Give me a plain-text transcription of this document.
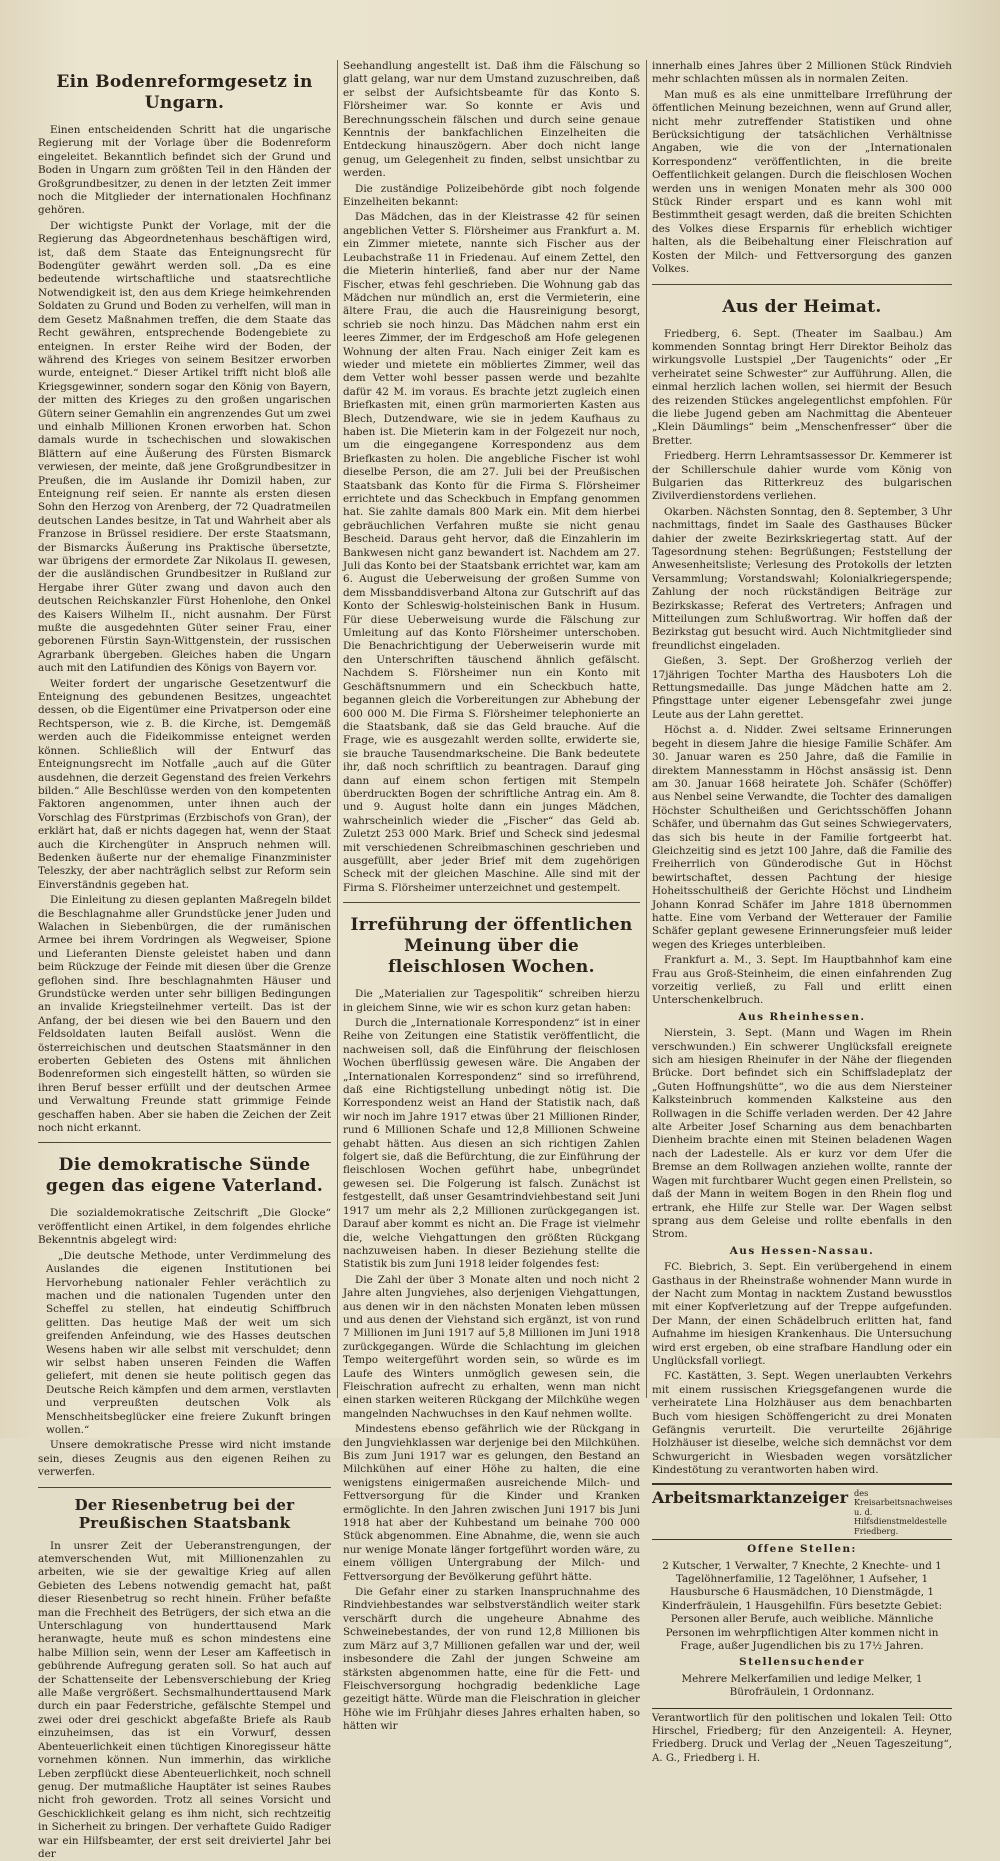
Ein Bodenreformgesetz in Ungarn.

Einen entscheidenden Schritt hat die ungarische Regierung mit der Vorlage über die Bodenreform eingeleitet. Bekanntlich befindet sich der Grund und Boden in Ungarn zum größten Teil in den Händen der Großgrundbesitzer, zu denen in der letzten Zeit immer noch die Mitglieder der internationalen Hochfinanz gehören.

Der wichtigste Punkt der Vorlage, mit der die Regierung das Abgeordnetenhaus beschäftigen wird, ist, daß dem Staate das Enteignungsrecht für Bodengüter gewährt werden soll. „Da es eine bedeutende wirtschaftliche und staatsrechtliche Notwendigkeit ist, den aus dem Kriege heimkehrenden Soldaten zu Grund und Boden zu verhelfen, will man in dem Gesetz Maßnahmen treffen, die dem Staate das Recht gewähren, entsprechende Bodengebiete zu enteignen. In erster Reihe wird der Boden, der während des Krieges von seinem Besitzer erworben wurde, enteignet.“ Dieser Artikel trifft nicht bloß alle Kriegsgewinner, sondern sogar den König von Bayern, der mitten des Krieges zu den großen ungarischen Gütern seiner Gemahlin ein angrenzendes Gut um zwei und einhalb Millionen Kronen erworben hat. Schon damals wurde in tschechischen und slowakischen Blättern auf eine Äußerung des Fürsten Bismarck verwiesen, der meinte, daß jene Großgrundbesitzer in Preußen, die im Auslande ihr Domizil haben, zur Enteignung reif seien. Er nannte als ersten diesen Sohn den Herzog von Arenberg, der 72 Quadratmeilen deutschen Landes besitze, in Tat und Wahrheit aber als Franzose in Brüssel residiere. Der erste Staatsmann, der Bismarcks Äußerung ins Praktische übersetzte, war übrigens der ermordete Zar Nikolaus II. gewesen, der die ausländischen Grundbesitzer in Rußland zur Hergabe ihrer Güter zwang und davon auch den deutschen Reichskanzler Fürst Hohenlohe, den Onkel des Kaisers Wilhelm II., nicht ausnahm. Der Fürst mußte die ausgedehnten Güter seiner Frau, einer geborenen Fürstin Sayn-Wittgenstein, der russischen Agrarbank übergeben. Gleiches haben die Ungarn auch mit den Latifundien des Königs von Bayern vor.

Weiter fordert der ungarische Gesetzentwurf die Enteignung des gebundenen Besitzes, ungeachtet dessen, ob die Eigentümer eine Privatperson oder eine Rechtsperson, wie z. B. die Kirche, ist. Demgemäß werden auch die Fideikommisse enteignet werden können. Schließlich will der Entwurf das Enteignungsrecht im Notfalle „auch auf die Güter ausdehnen, die derzeit Gegenstand des freien Verkehrs bilden.“ Alle Beschlüsse werden von den kompetenten Faktoren angenommen, unter ihnen auch der Vorschlag des Fürstprimas (Erzbischofs von Gran), der erklärt hat, daß er nichts dagegen hat, wenn der Staat auch die Kirchengüter in Anspruch nehmen will. Bedenken äußerte nur der ehemalige Finanzminister Teleszky, der aber nachträglich selbst zur Reform sein Einverständnis gegeben hat.

Die Einleitung zu diesen geplanten Maßregeln bildet die Beschlagnahme aller Grundstücke jener Juden und Walachen in Siebenbürgen, die der rumänischen Armee bei ihrem Vordringen als Wegweiser, Spione und Lieferanten Dienste geleistet haben und dann beim Rückzuge der Feinde mit diesen über die Grenze geflohen sind. Ihre beschlagnahmten Häuser und Grundstücke werden unter sehr billigen Bedingungen an invalide Kriegsteilnehmer verteilt. Das ist der Anfang, der bei diesen wie bei den Bauern und den Feldsoldaten lauten Beifall auslöst. Wenn die österreichischen und deutschen Staatsmänner in den eroberten Gebieten des Ostens mit ähnlichen Bodenreformen sich eingestellt hätten, so würden sie ihren Beruf besser erfüllt und der deutschen Armee und Verwaltung Freunde statt grimmige Feinde geschaffen haben. Aber sie haben die Zeichen der Zeit noch nicht erkannt.

Die demokratische Sünde gegen das eigene Vaterland.

Die sozialdemokratische Zeitschrift „Die Glocke“ veröffentlicht einen Artikel, in dem folgendes ehrliche Bekenntnis abgelegt wird:

„Die deutsche Methode, unter Verdimmelung des Auslandes die eigenen Institutionen bei Hervorhebung nationaler Fehler verächtlich zu machen und die nationalen Tugenden unter den Scheffel zu stellen, hat eindeutig Schiffbruch gelitten. Das heutige Maß der weit um sich greifenden Anfeindung, wie des Hasses deutschen Wesens haben wir alle selbst mit verschuldet; denn wir selbst haben unseren Feinden die Waffen geliefert, mit denen sie heute politisch gegen das Deutsche Reich kämpfen und dem armen, verstlavten und verpreußten deutschen Volk als Menschheitsbeglücker eine freiere Zukunft bringen wollen.“

Unsere demokratische Presse wird nicht imstande sein, dieses Zeugnis aus den eigenen Reihen zu verwerfen.

Der Riesenbetrug bei der Preußischen Staatsbank

In unsrer Zeit der Ueberanstrengungen, der atemverschenden Wut, mit Millionenzahlen zu arbeiten, wie sie der gewaltige Krieg auf allen Gebieten des Lebens notwendig gemacht hat, paßt dieser Riesenbetrug so recht hinein. Früher befaßte man die Frechheit des Betrügers, der sich etwa an die Unterschlagung von hunderttausend Mark heranwagte, heute muß es schon mindestens eine halbe Million sein, wenn der Leser am Kaffeetisch in gebührende Aufregung geraten soll. So hat auch auf der Schattenseite der Lebensverschiebung der Krieg alle Maße vergrößert. Sechsmalhunderttausend Mark durch ein paar Federstriche, gefälschte Stempel und zwei oder drei geschickt abgefaßte Briefe als Raub einzuheimsen, das ist ein Vorwurf, dessen Abenteuerlichkeit einen tüchtigen Kinoregisseur hätte vornehmen können. Nun immerhin, das wirkliche Leben zerpflückt diese Abenteuerlichkeit, noch schnell genug. Der mutmaßliche Hauptäter ist seines Raubes nicht froh geworden. Trotz all seines Vorsicht und Geschicklichkeit gelang es ihm nicht, sich rechtzeitig in Sicherheit zu bringen. Der verhaftete Guido Radiger war ein Hilfsbeamter, der erst seit dreiviertel Jahr bei der

Seehandlung angestellt ist. Daß ihm die Fälschung so glatt gelang, war nur dem Umstand zuzuschreiben, daß er selbst der Aufsichtsbeamte für das Konto S. Flörsheimer war. So konnte er Avis und Berechnungsschein fälschen und durch seine genaue Kenntnis der bankfachlichen Einzelheiten die Entdeckung hinauszögern. Aber doch nicht lange genug, um Gelegenheit zu finden, selbst unsichtbar zu werden.

Die zuständige Polizeibehörde gibt noch folgende Einzelheiten bekannt:

Das Mädchen, das in der Kleistrasse 42 für seinen angeblichen Vetter S. Flörsheimer aus Frankfurt a. M. ein Zimmer mietete, nannte sich Fischer aus der Leubachstraße 11 in Friedenau. Auf einem Zettel, den die Mieterin hinterließ, fand aber nur der Name Fischer, etwas fehl geschrieben. Die Wohnung gab das Mädchen nur mündlich an, erst die Vermieterin, eine ältere Frau, die auch die Hausreinigung besorgt, schrieb sie noch hinzu. Das Mädchen nahm erst ein leeres Zimmer, der im Erdgeschoß am Hofe gelegenen Wohnung der alten Frau. Nach einiger Zeit kam es wieder und mietete ein möbliertes Zimmer, weil das dem Vetter wohl besser passen werde und bezahlte dafür 42 M. im voraus. Es brachte jetzt zugleich einen Briefkasten mit, einen grün marmorierten Kasten aus Blech, Dutzendware, wie sie in jedem Kaufhaus zu haben ist. Die Mieterin kam in der Folgezeit nur noch, um die eingegangene Korrespondenz aus dem Briefkasten zu holen. Die angebliche Fischer ist wohl dieselbe Person, die am 27. Juli bei der Preußischen Staatsbank das Konto für die Firma S. Flörsheimer errichtete und das Scheckbuch in Empfang genommen hat. Sie zahlte damals 800 Mark ein. Mit dem hierbei gebräuchlichen Verfahren mußte sie nicht genau Bescheid. Daraus geht hervor, daß die Einzahlerin im Bankwesen nicht ganz bewandert ist. Nachdem am 27. Juli das Konto bei der Staatsbank errichtet war, kam am 6. August die Ueberweisung der großen Summe von dem Missbanddisverband Altona zur Gutschrift auf das Konto der Schleswig-holsteinischen Bank in Husum. Für diese Ueberweisung wurde die Fälschung zur Umleitung auf das Konto Flörsheimer unterschoben. Die Benachrichtigung der Ueberweiserin wurde mit den Unterschriften täuschend ähnlich gefälscht. Nachdem S. Flörsheimer nun ein Konto mit Geschäftsnummern und ein Scheckbuch hatte, begannen gleich die Vorbereitungen zur Abhebung der 600 000 M. Die Firma S. Flörsheimer telephonierte an die Staatsbank, daß sie das Geld brauche. Auf die Frage, wie es ausgezahlt werden sollte, erwiderte sie, sie brauche Tausendmarkscheine. Die Bank bedeutete ihr, daß noch schriftlich zu beantragen. Darauf ging dann auf einem schon fertigen mit Stempeln überdruckten Bogen der schriftliche Antrag ein. Am 8. und 9. August holte dann ein junges Mädchen, wahrscheinlich wieder die „Fischer“ das Geld ab. Zuletzt 253 000 Mark. Brief und Scheck sind jedesmal mit verschiedenen Schreibmaschinen geschrieben und ausgefüllt, aber jeder Brief mit dem zugehörigen Scheck mit der gleichen Maschine. Alle sind mit der Firma S. Flörsheimer unterzeichnet und gestempelt.

Irreführung der öffentlichen Meinung über die fleischlosen Wochen.

Die „Materialien zur Tagespolitik“ schreiben hierzu in gleichem Sinne, wie wir es schon kurz getan haben:

Durch die „Internationale Korrespondenz“ ist in einer Reihe von Zeitungen eine Statistik veröffentlicht, die nachweisen soll, daß die Einführung der fleischlosen Wochen überflüssig gewesen wäre. Die Angaben der „Internationalen Korrespondenz“ sind so irreführend, daß eine Richtigstellung unbedingt nötig ist. Die Korrespondenz weist an Hand der Statistik nach, daß wir noch im Jahre 1917 etwas über 21 Millionen Rinder, rund 6 Millionen Schafe und 12,8 Millionen Schweine gehabt hätten. Aus diesen an sich richtigen Zahlen folgert sie, daß die Befürchtung, die zur Einführung der fleischlosen Wochen geführt habe, unbegründet gewesen sei. Die Folgerung ist falsch. Zunächst ist festgestellt, daß unser Gesamtrindviehbestand seit Juni 1917 um mehr als 2,2 Millionen zurückgegangen ist. Darauf aber kommt es nicht an. Die Frage ist vielmehr die, welche Viehgattungen den größten Rückgang nachzuweisen haben. In dieser Beziehung stellte die Statistik bis zum Juni 1918 leider folgendes fest:

Die Zahl der über 3 Monate alten und noch nicht 2 Jahre alten Jungviehes, also derjenigen Viehgattungen, aus denen wir in den nächsten Monaten leben müssen und aus denen der Viehstand sich ergänzt, ist von rund 7 Millionen im Juni 1917 auf 5,8 Millionen im Juni 1918 zurückgegangen. Würde die Schlachtung im gleichen Tempo weitergeführt worden sein, so würde es im Laufe des Winters unmöglich gewesen sein, die Fleischration aufrecht zu erhalten, wenn man nicht einen starken weiteren Rückgang der Milchkühe wegen mangelnden Nachwuchses in den Kauf nehmen wollte.

Mindestens ebenso gefährlich wie der Rückgang in den Jungviehklassen war derjenige bei den Milchkühen. Bis zum Juni 1917 war es gelungen, den Bestand an Milchkühen auf einer Höhe zu halten, die eine wenigstens einigermaßen ausreichende Milch- und Fettversorgung für die Kinder und Kranken ermöglichte. In den Jahren zwischen Juni 1917 bis Juni 1918 hat aber der Kuhbestand um beinahe 700 000 Stück abgenommen. Eine Abnahme, die, wenn sie auch nur wenige Monate länger fortgeführt worden wäre, zu einem völligen Untergrabung der Milch- und Fettversorgung der Bevölkerung geführt hätte.

Die Gefahr einer zu starken Inanspruchnahme des Rindviehbestandes war selbstverständlich weiter stark verschärft durch die ungeheure Abnahme des Schweinebestandes, der von rund 12,8 Millionen bis zum März auf 3,7 Millionen gefallen war und der, weil insbesondere die Zahl der jungen Schweine am stärksten abgenommen hatte, eine für die Fett- und Fleischversorgung hochgradig bedenkliche Lage gezeitigt hätte. Würde man die Fleischration in gleicher Höhe wie im Frühjahr dieses Jahres erhalten haben, so hätten wir

innerhalb eines Jahres über 2 Millionen Stück Rindvieh mehr schlachten müssen als in normalen Zeiten.

Man muß es als eine unmittelbare Irreführung der öffentlichen Meinung bezeichnen, wenn auf Grund aller, nicht mehr zutreffender Statistiken und ohne Berücksichtigung der tatsächlichen Verhältnisse Angaben, wie die von der „Internationalen Korrespondenz“ veröffentlichten, in die breite Oeffentlichkeit gelangen. Durch die fleischlosen Wochen werden uns in wenigen Monaten mehr als 300 000 Stück Rinder erspart und es kann wohl mit Bestimmtheit gesagt werden, daß die breiten Schichten des Volkes diese Ersparnis für erheblich wichtiger halten, als die Beibehaltung einer Fleischration auf Kosten der Milch- und Fettversorgung des ganzen Volkes.

Aus der Heimat.

Friedberg, 6. Sept. (Theater im Saalbau.) Am kommenden Sonntag bringt Herr Direktor Beiholz das wirkungsvolle Lustspiel „Der Taugenichts“ oder „Er verheiratet seine Schwester“ zur Aufführung. Allen, die einmal herzlich lachen wollen, sei hiermit der Besuch des reizenden Stückes angelegentlichst empfohlen. Für die liebe Jugend geben am Nachmittag die Abenteuer „Klein Däumlings“ beim „Menschenfresser“ über die Bretter.

Friedberg. Herrn Lehramtsassessor Dr. Kemmerer ist der Schillerschule dahier wurde vom König von Bulgarien das Ritterkreuz des bulgarischen Zivilverdienstordens verliehen.

Okarben. Nächsten Sonntag, den 8. September, 3 Uhr nachmittags, findet im Saale des Gasthauses Bücker dahier der zweite Bezirkskriegertag statt. Auf der Tagesordnung stehen: Begrüßungen; Feststellung der Anwesenheitsliste; Verlesung des Protokolls der letzten Versammlung; Vorstandswahl; Kolonialkriegerspende; Zahlung der noch rückständigen Beiträge zur Bezirkskasse; Referat des Vertreters; Anfragen und Mitteilungen zum Schlußwortrag. Wir hoffen daß der Bezirkstag gut besucht wird. Auch Nichtmitglieder sind freundlichst eingeladen.

Gießen, 3. Sept. Der Großherzog verlieh der 17jährigen Tochter Martha des Hausboters Loh die Rettungsmedaille. Das junge Mädchen hatte am 2. Pfingsttage unter eigener Lebensgefahr zwei junge Leute aus der Lahn gerettet.

Höchst a. d. Nidder. Zwei seltsame Erinnerungen begeht in diesem Jahre die hiesige Familie Schäfer. Am 30. Januar waren es 250 Jahre, daß die Familie in direktem Mannesstamm in Höchst ansässig ist. Denn am 30. Januar 1668 heiratete Joh. Schäfer (Schöffer) aus Nenbel seine Verwandte, die Tochter des damaligen Höchster Schultheißen und Gerichtsschöffen Johann Schäfer, und übernahm das Gut seines Schwiegervaters, das sich bis heute in der Familie fortgeerbt hat. Gleichzeitig sind es jetzt 100 Jahre, daß die Familie des Freiherrlich von Günderodische Gut in Höchst bewirtschaftet, dessen Pachtung der hiesige Hoheitsschultheiß der Gerichte Höchst und Lindheim Johann Konrad Schäfer im Jahre 1818 übernommen hatte. Eine vom Verband der Wetterauer der Familie Schäfer geplant gewesene Erinnerungsfeier muß leider wegen des Krieges unterbleiben.

Frankfurt a. M., 3. Sept. Im Hauptbahnhof kam eine Frau aus Groß-Steinheim, die einen einfahrenden Zug vorzeitig verließ, zu Fall und erlitt einen Unterschenkelbruch.

Aus Rheinhessen.

Nierstein, 3. Sept. (Mann und Wagen im Rhein verschwunden.) Ein schwerer Unglücksfall ereignete sich am hiesigen Rheinufer in der Nähe der fliegenden Brücke. Dort befindet sich ein Schiffsladeplatz der „Guten Hoffnungshütte“, wo die aus dem Niersteiner Kalksteinbruch kommenden Kalksteine aus den Rollwagen in die Schiffe verladen werden. Der 42 Jahre alte Arbeiter Josef Scharning aus dem benachbarten Dienheim brachte einen mit Steinen beladenen Wagen nach der Ladestelle. Als er kurz vor dem Ufer die Bremse an dem Rollwagen anziehen wollte, rannte der Wagen mit furchtbarer Wucht gegen einen Prellstein, so daß der Mann in weitem Bogen in den Rhein flog und ertrank, ehe Hilfe zur Stelle war. Der Wagen selbst sprang aus dem Geleise und rollte ebenfalls in den Strom.

Aus Hessen-Nassau.

FC. Biebrich, 3. Sept. Ein verübergehend in einem Gasthaus in der Rheinstraße wohnender Mann wurde in der Nacht zum Montag in nacktem Zustand bewusstlos mit einer Kopfverletzung auf der Treppe aufgefunden. Der Mann, der einen Schädelbruch erlitten hat, fand Aufnahme im hiesigen Krankenhaus. Die Untersuchung wird erst ergeben, ob eine strafbare Handlung oder ein Unglücksfall vorliegt.

FC. Kastätten, 3. Sept. Wegen unerlaubten Verkehrs mit einem russischen Kriegsgefangenen wurde die verheiratete Lina Holzhäuser aus dem benachbarten Buch vom hiesigen Schöffengericht zu drei Monaten Gefängnis verurteilt. Die verurteilte 26jährige Holzhäuser ist dieselbe, welche sich demnächst vor dem Schwurgericht in Wiesbaden wegen vorsätzlicher Kindestötung zu verantworten haben wird.

Arbeitsmarktanzeiger des Kreisarbeitsnachweises u. d. Hilfsdienstmeldestelle Friedberg.
Offene Stellen:

2 Kutscher, 1 Verwalter, 7 Knechte, 2 Knechte- und 1 Tagelöhnerfamilie, 12 Tagelöhner, 1 Aufseher, 1 Hausbursche 6 Hausmädchen, 10 Dienstmägde, 1 Kinderfräulein, 1 Hausgehilfin. Fürs besetzte Gebiet: Personen aller Berufe, auch weibliche. Männliche Personen im wehrpflichtigen Alter kommen nicht in Frage, außer Jugendlichen bis zu 17½ Jahren.

Stellensuchender

Mehrere Melkerfamilien und ledige Melker, 1 Bürofräulein, 1 Ordonnanz.

Verantwortlich für den politischen und lokalen Teil: Otto Hirschel, Friedberg; für den Anzeigenteil: A. Heyner, Friedberg. Druck und Verlag der „Neuen Tageszeitung“, A. G., Friedberg i. H.
